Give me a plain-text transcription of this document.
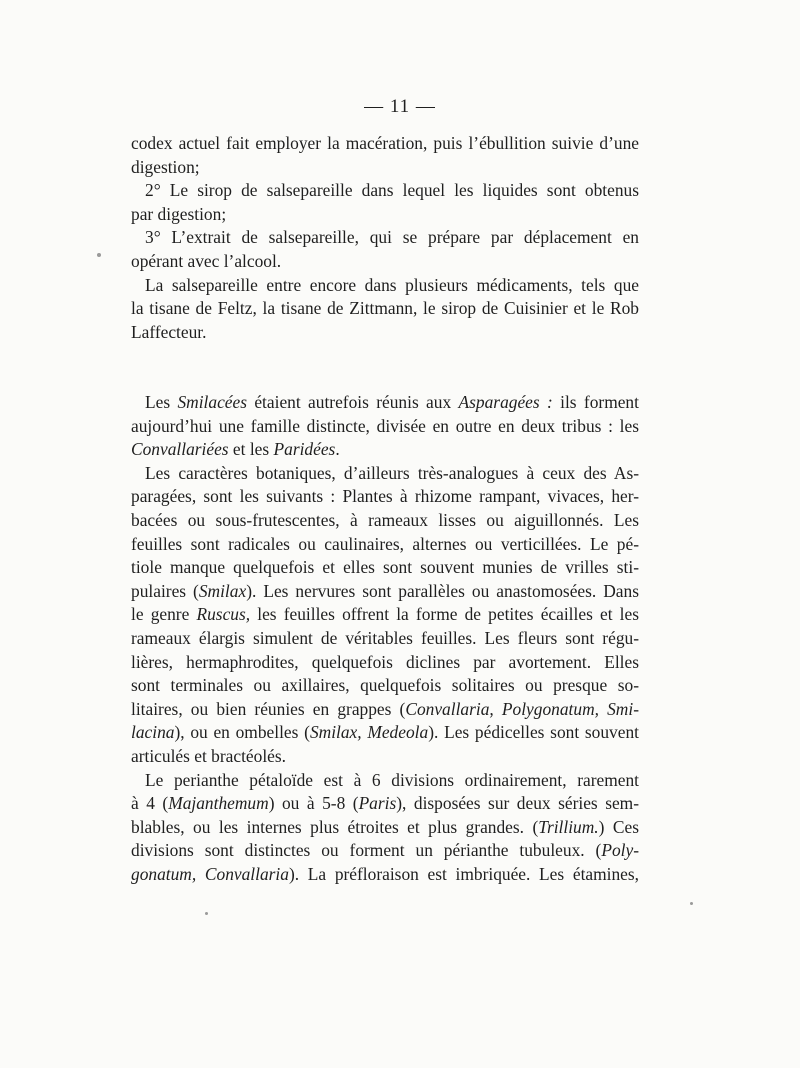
— 11 —
codex actuel fait employer la macération, puis l’ébullition suivie d’une
digestion;
2° Le sirop de salsepareille dans lequel les liquides sont obtenus
par digestion;
3° L’extrait de salsepareille, qui se prépare par déplacement en
opérant avec l’alcool.
La salsepareille entre encore dans plusieurs médicaments, tels que
la tisane de Feltz, la tisane de Zittmann, le sirop de Cuisinier et le Rob
Laffecteur.
Les Smilacées étaient autrefois réunis aux Asparagées : ils forment
aujourd’hui une famille distincte, divisée en outre en deux tribus : les
Convallariées et les Paridées.
Les caractères botaniques, d’ailleurs très-analogues à ceux des As-
paragées, sont les suivants : Plantes à rhizome rampant, vivaces, her-
bacées ou sous-frutescentes, à rameaux lisses ou aiguillonnés. Les
feuilles sont radicales ou caulinaires, alternes ou verticillées. Le pé-
tiole manque quelquefois et elles sont souvent munies de vrilles sti-
pulaires (Smilax). Les nervures sont parallèles ou anastomosées. Dans
le genre Ruscus, les feuilles offrent la forme de petites écailles et les
rameaux élargis simulent de véritables feuilles. Les fleurs sont régu-
lières, hermaphrodites, quelquefois diclines par avortement. Elles
sont terminales ou axillaires, quelquefois solitaires ou presque so-
litaires, ou bien réunies en grappes (Convallaria, Polygonatum, Smi-
lacina), ou en ombelles (Smilax, Medeola). Les pédicelles sont souvent
articulés et bractéolés.
Le perianthe pétaloïde est à 6 divisions ordinairement, rarement
à 4 (Majanthemum) ou à 5-8 (Paris), disposées sur deux séries sem-
blables, ou les internes plus étroites et plus grandes. (Trillium.) Ces
divisions sont distinctes ou forment un périanthe tubuleux. (Poly-
gonatum, Convallaria). La préfloraison est imbriquée. Les étamines,
